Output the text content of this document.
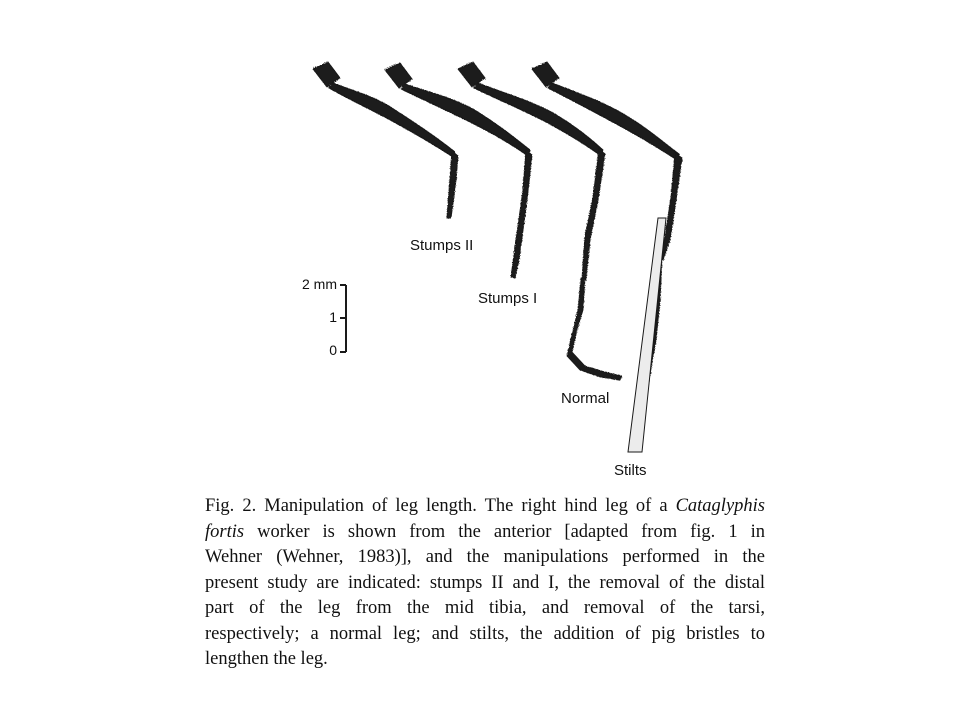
Stumps II
Stumps I
Normal
Stilts
2 mm
1
0
Fig. 2. Manipulation of leg length. The right hind leg of a Cataglyphis
fortis worker is shown from the anterior [adapted from fig. 1 in
Wehner (Wehner, 1983)], and the manipulations performed in the
present study are indicated: stumps II and I, the removal of the distal
part of the leg from the mid tibia, and removal of the tarsi,
respectively; a normal leg; and stilts, the addition of pig bristles to
lengthen the leg.
